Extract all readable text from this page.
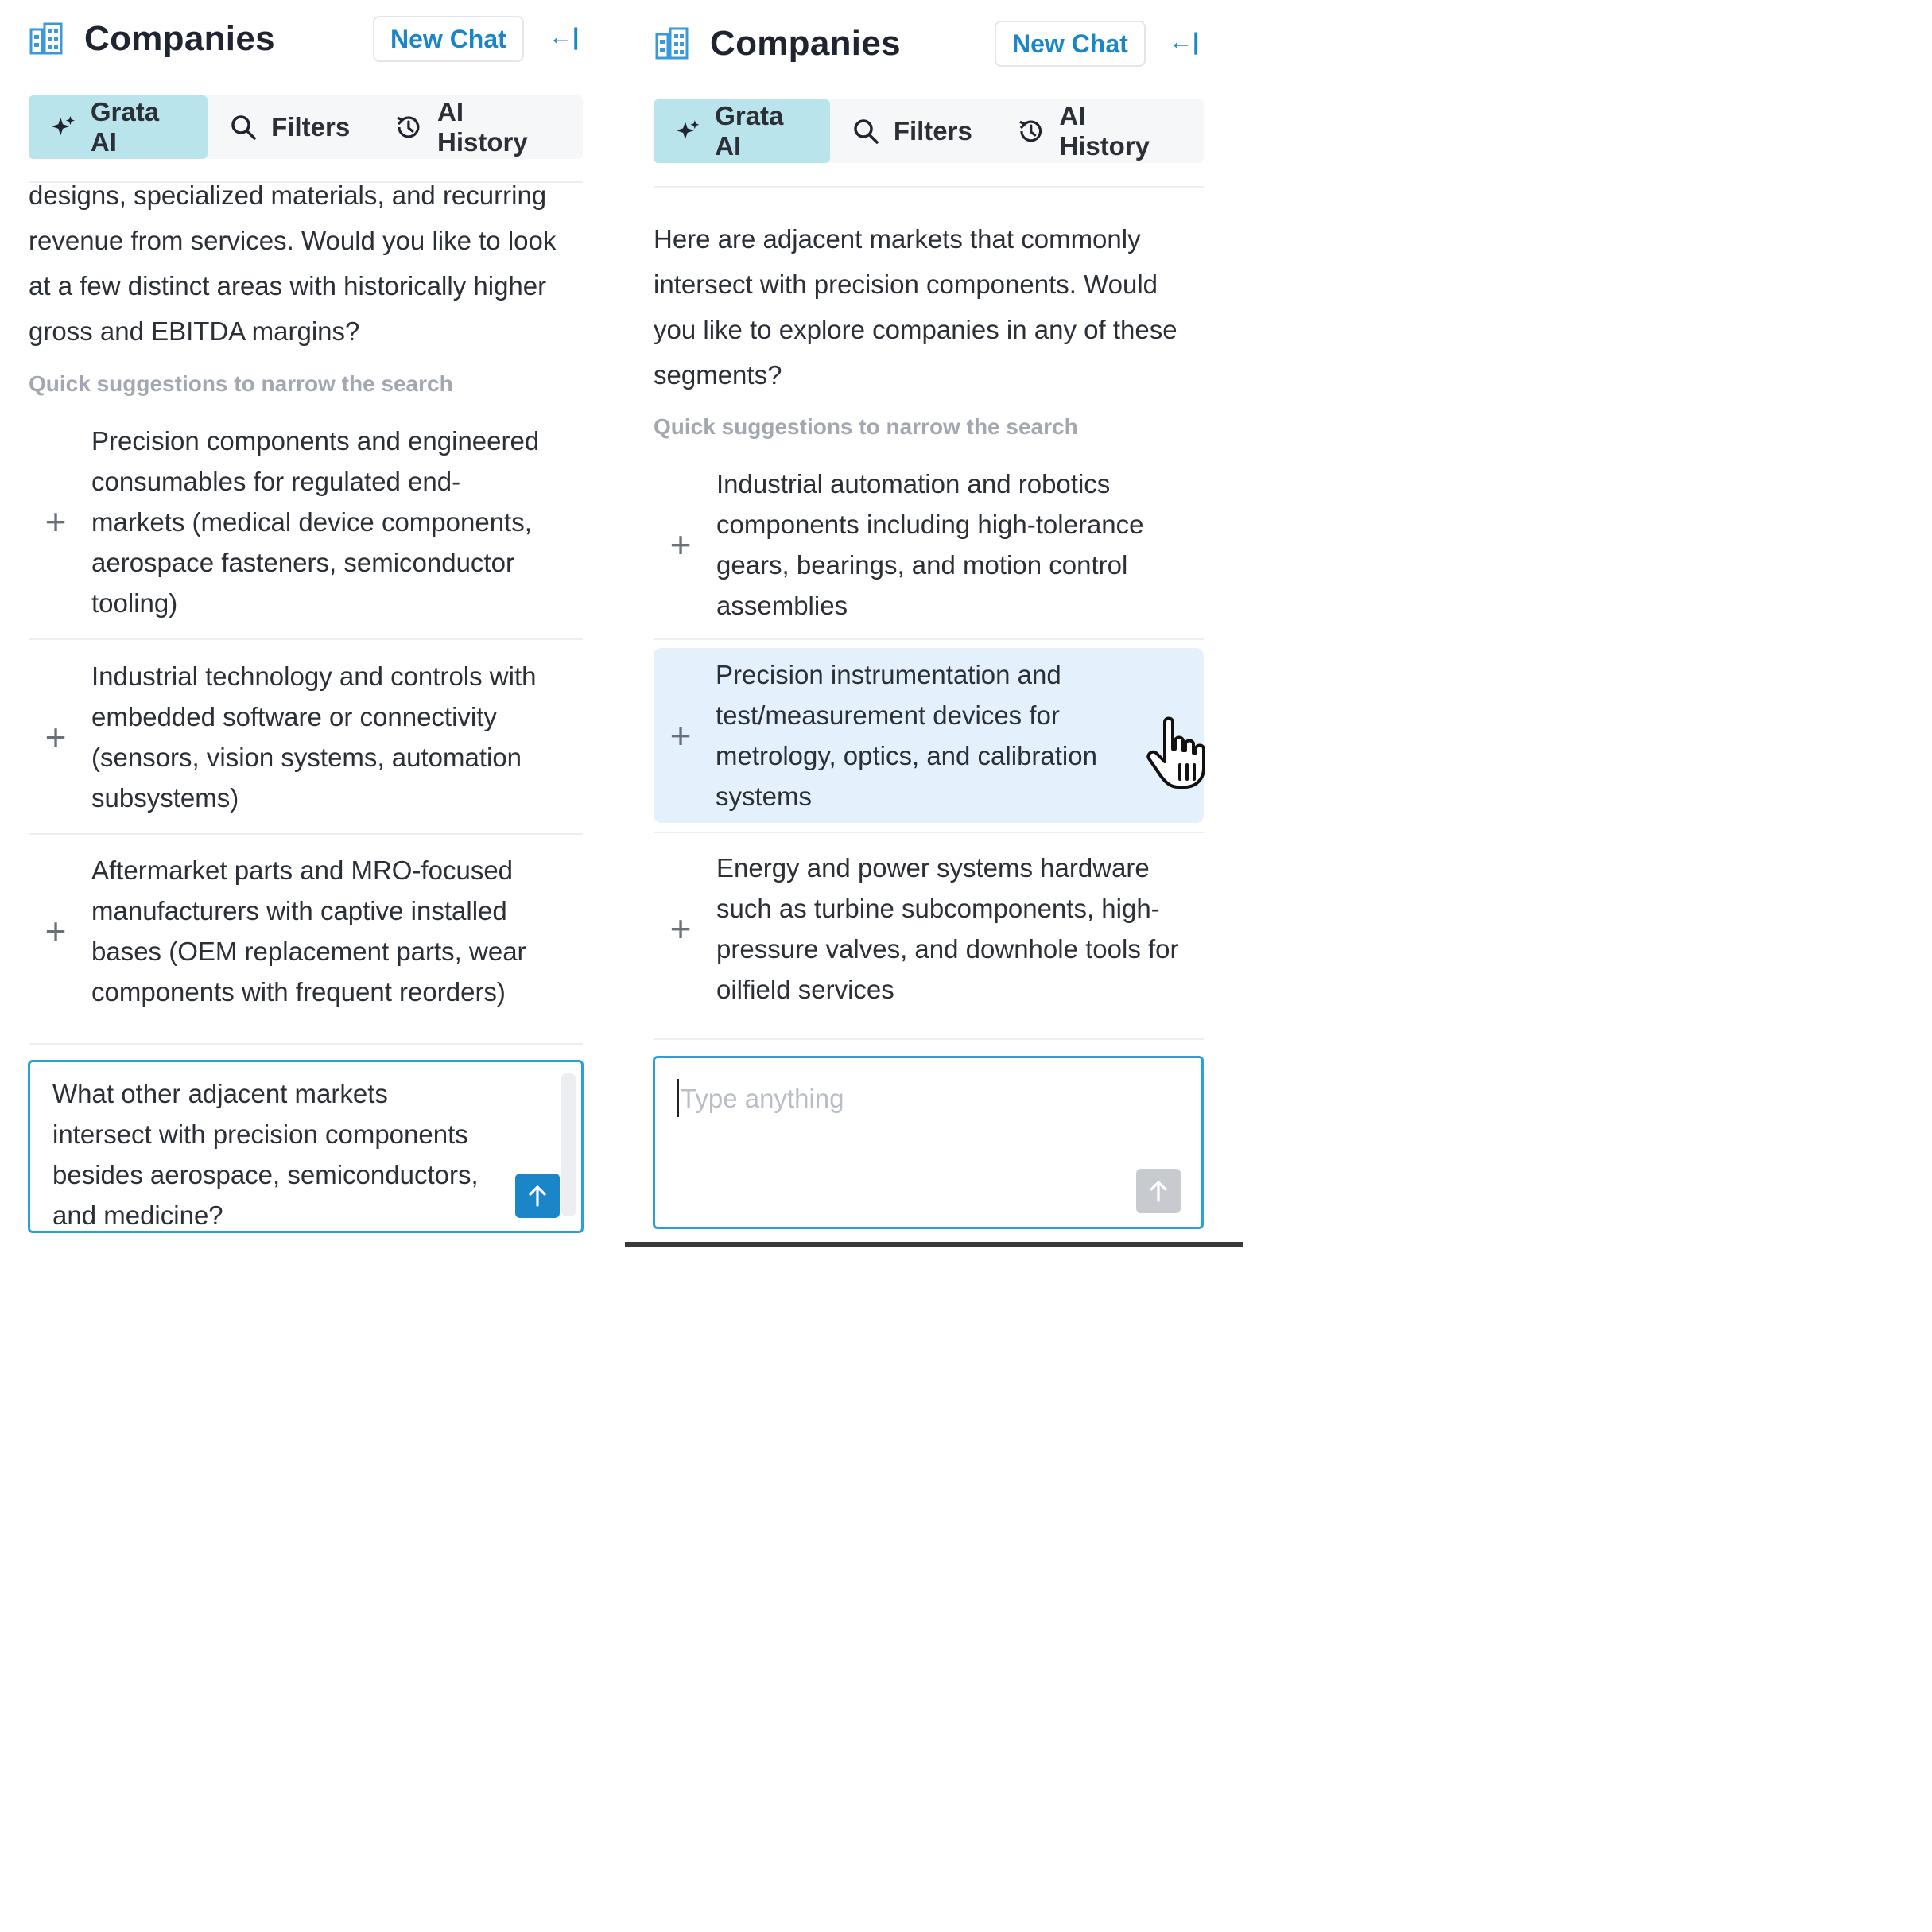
Companies	New Chat	←|
Grata AI
Filters
AI History
designs, specialized materials, and recurring
revenue from services. Would you like to look
at a few distinct areas with historically higher
gross and EBITDA margins?
Quick suggestions to narrow the search
+
Precision components and engineered
consumables for regulated end-
markets (medical device components,
aerospace fasteners, semiconductor
tooling)
+
Industrial technology and controls with
embedded software or connectivity
(sensors, vision systems, automation
subsystems)
+
Aftermarket parts and MRO-focused
manufacturers with captive installed
bases (OEM replacement parts, wear
components with frequent reorders)
What other adjacent markets
intersect with precision components
besides aerospace, semiconductors,
and medicine?
Companies	New Chat	←|
Grata AI
Filters
AI History
Here are adjacent markets that commonly
intersect with precision components. Would
you like to explore companies in any of these
segments?
Quick suggestions to narrow the search
+
Industrial automation and robotics
components including high-tolerance
gears, bearings, and motion control
assemblies
+
Precision instrumentation and
test/measurement devices for
metrology, optics, and calibration
systems
+
Energy and power systems hardware
such as turbine subcomponents, high-
pressure valves, and downhole tools for
oilfield services
Type anything
